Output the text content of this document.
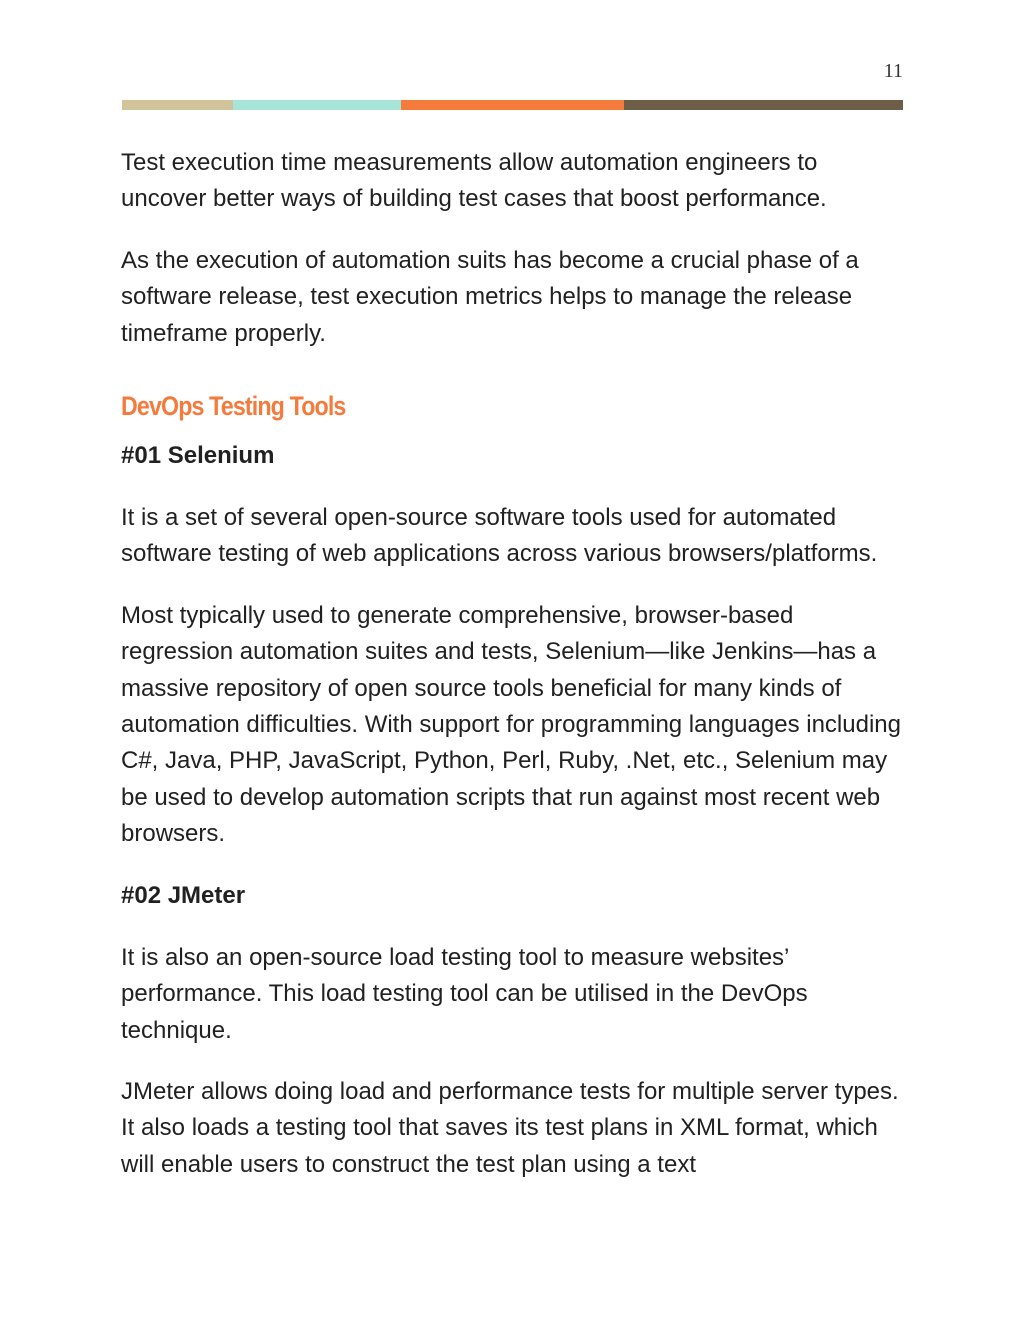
11

Test execution time measurements allow automation engineers to uncover better ways of building test cases that boost performance.

As the execution of automation suits has become a crucial phase of a software release, test execution metrics helps to manage the release timeframe properly.

DevOps Testing Tools
#01 Selenium

It is a set of several open-source software tools used for automated software testing of web applications across various browsers/platforms.

Most typically used to generate comprehensive, browser-based regression automation suites and tests, Selenium—like Jenkins—has a massive repository of open source tools beneficial for many kinds of automation difficulties. With support for programming languages including C#, Java, PHP, JavaScript, Python, Perl, Ruby, .Net, etc., Selenium may be used to develop automation scripts that run against most recent web browsers.

#02 JMeter

It is also an open-source load testing tool to measure websites’ performance. This load testing tool can be utilised in the DevOps technique.

JMeter allows doing load and performance tests for multiple server types. It also loads a testing tool that saves its test plans in XML format, which will enable users to construct the test plan using a text
